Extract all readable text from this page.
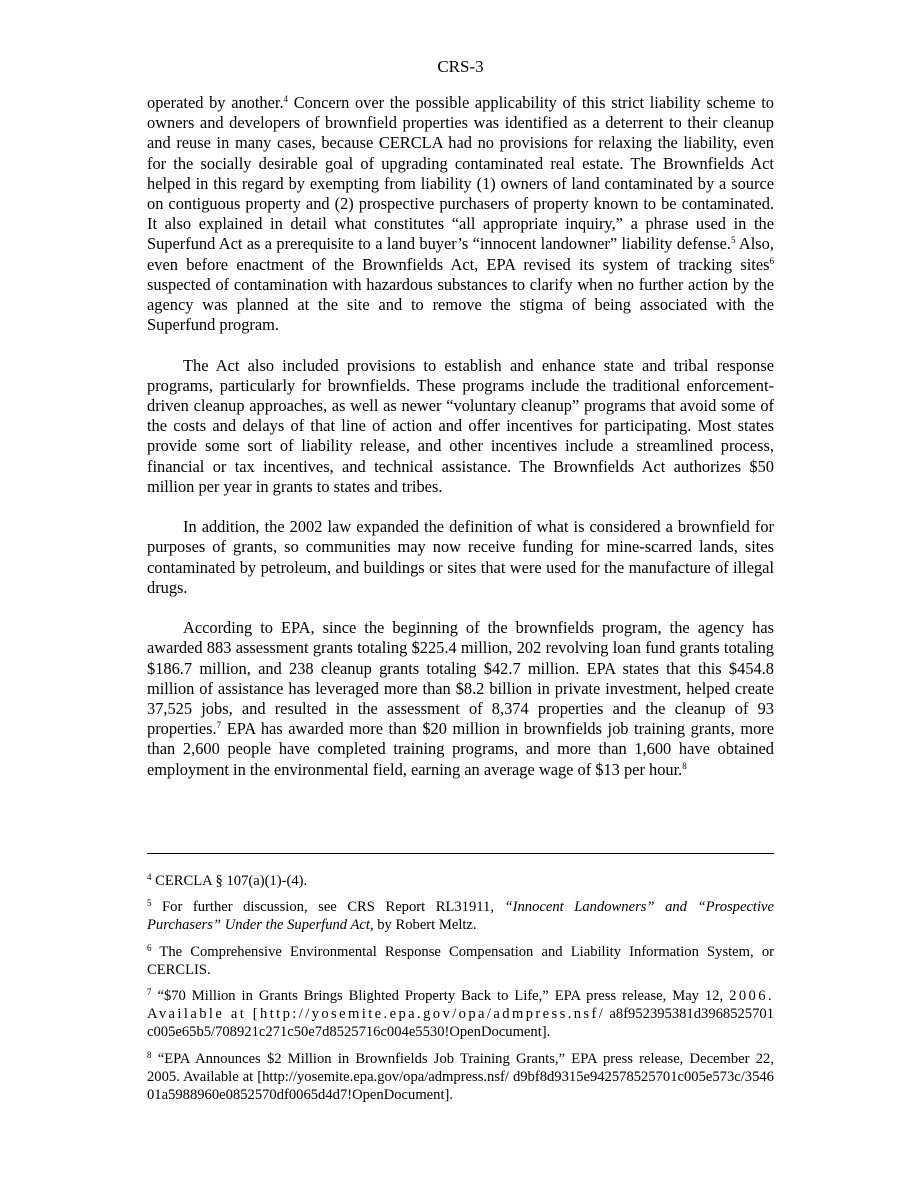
CRS-3

operated by another.$^4$ Concern over the possible applicability of this strict liability scheme to owners and developers of brownfield properties was identified as a deterrent to their cleanup and reuse in many cases, because CERCLA had no provisions for relaxing the liability, even for the socially desirable goal of upgrading contaminated real estate. The Brownfields Act helped in this regard by exempting from liability (1) owners of land contaminated by a source on contiguous property and (2) prospective purchasers of property known to be contaminated. It also explained in detail what constitutes “all appropriate inquiry,” a phrase used in the Superfund Act as a prerequisite to a land buyer’s “innocent landowner” liability defense.$^5$ Also, even before enactment of the Brownfields Act, EPA revised its system of tracking sites$^6$ suspected of contamination with hazardous substances to clarify when no further action by the agency was planned at the site and to remove the stigma of being associated with the Superfund program.

The Act also included provisions to establish and enhance state and tribal response programs, particularly for brownfields. These programs include the traditional enforcement-driven cleanup approaches, as well as newer “voluntary cleanup” programs that avoid some of the costs and delays of that line of action and offer incentives for participating. Most states provide some sort of liability release, and other incentives include a streamlined process, financial or tax incentives, and technical assistance. The Brownfields Act authorizes $50 million per year in grants to states and tribes.

In addition, the 2002 law expanded the definition of what is considered a brownfield for purposes of grants, so communities may now receive funding for mine-scarred lands, sites contaminated by petroleum, and buildings or sites that were used for the manufacture of illegal drugs.

According to EPA, since the beginning of the brownfields program, the agency has awarded 883 assessment grants totaling $225.4 million, 202 revolving loan fund grants totaling $186.7 million, and 238 cleanup grants totaling $42.7 million. EPA states that this $454.8 million of assistance has leveraged more than $8.2 billion in private investment, helped create 37,525 jobs, and resulted in the assessment of 8,374 properties and the cleanup of 93 properties.$^7$ EPA has awarded more than $20 million in brownfields job training grants, more than 2,600 people have completed training programs, and more than 1,600 have obtained employment in the environmental field, earning an average wage of $13 per hour.$^8$

$^4$ CERCLA § 107(a)(1)-(4).
$^5$ For further discussion, see CRS Report RL31911, “Innocent Landowners” and “Prospective Purchasers” Under the Superfund Act, by Robert Meltz.
$^6$ The Comprehensive Environmental Response Compensation and Liability Information System, or CERCLIS.
$^7$ “$70 Million in Grants Brings Blighted Property Back to Life,” EPA press release, May 12, 2006. Available at [http://yosemite.epa.gov/opa/admpress.nsf/ a8f952395381d3968525701c005e65b5/708921c271c50e7d8525716c004e5530!OpenDocument].
$^8$ “EPA Announces $2 Million in Brownfields Job Training Grants,” EPA press release, December 22, 2005. Available at [http://yosemite.epa.gov/opa/admpress.nsf/ d9bf8d9315e942578525701c005e573c/354601a5988960e0852570df0065d4d7!OpenDocument].
